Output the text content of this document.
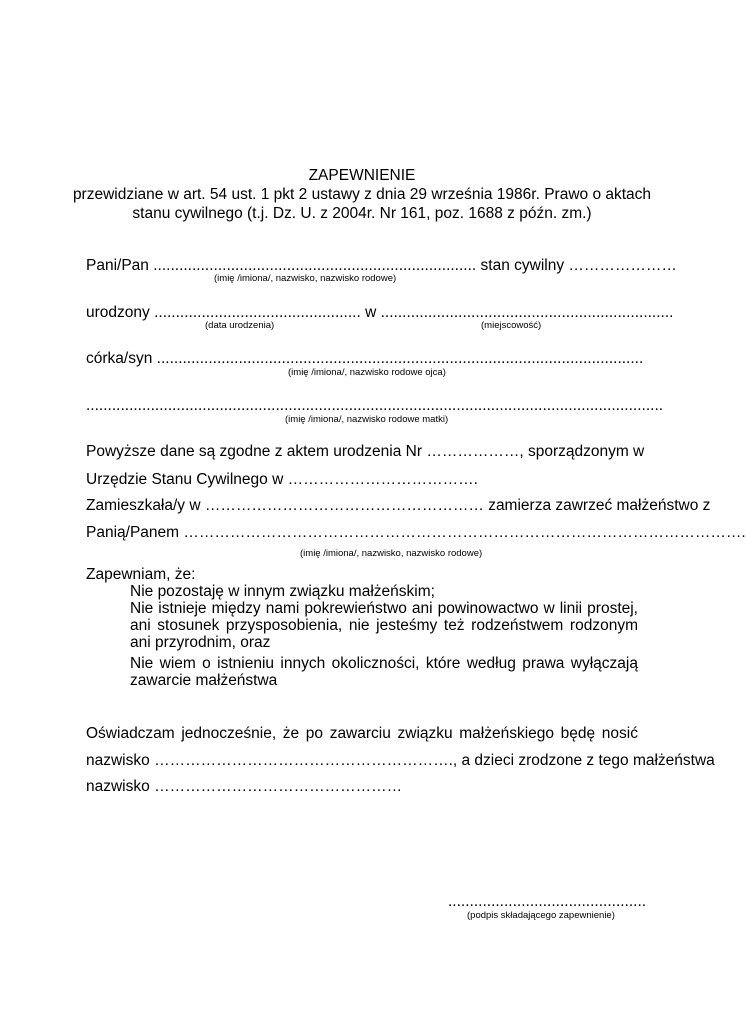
ZAPEWNIENIE
przewidziane w art. 54 ust. 1 pkt 2 ustawy z dnia 29 września 1986r. Prawo o aktach
stanu cywilnego (t.j. Dz. U. z 2004r. Nr 161, poz. 1688 z późn. zm.)
Pani/Pan ........................................................................... stan cywilny …………………
(imię /imiona/, nazwisko, nazwisko rodowe)
urodzony ................................................ w ....................................................................
(data urodzenia)	(miejscowość)
córka/syn .................................................................................................................
(imię /imiona/, nazwisko rodowe ojca)
......................................................................................................................................
(imię /imiona/, nazwisko rodowe matki)
Powyższe dane są zgodne z aktem urodzenia Nr ………………, sporządzonym w
Urzędzie Stanu Cywilnego w ……………………………….
Zamieszkała/y w ……………………………………………… zamierza zawrzeć małżeństwo z
Panią/Panem ……………………………………………………………………………………………….
(imię /imiona/, nazwisko, nazwisko rodowe)
Zapewniam, że:
Nie pozostaję w innym związku małżeńskim;
Nie istnieje między nami pokrewieństwo ani powinowactwo w linii prostej, ani stosunek przysposobienia, nie jesteśmy też rodzeństwem rodzonym ani przyrodnim, oraz
Nie wiem o istnieniu innych okoliczności, które według prawa wyłączają zawarcie małżeństwa
Oświadczam jednocześnie, że po zawarciu związku małżeńskiego będę nosić
nazwisko …………………………………………………., a dzieci zrodzone z tego małżeństwa
nazwisko …………………………………………
..............................................
(podpis składającego zapewnienie)
